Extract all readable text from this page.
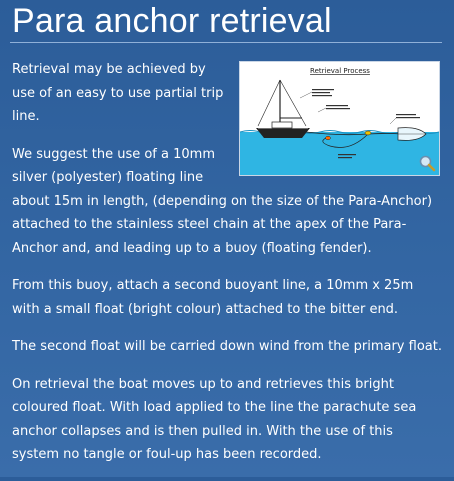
Para anchor retrieval
Retrieval Process

Retrieval may be achieved by use of an easy to use partial trip line.

We suggest the use of a 10mm silver (polyester) floating line about 15m in length, (depending on the size of the Para-Anchor) attached to the stainless steel chain at the apex of the Para-Anchor and, and leading up to a buoy (floating fender).

From this buoy, attach a second buoyant line, a 10mm x 25m with a small float (bright colour) attached to the bitter end.

The second float will be carried down wind from the primary float.

On retrieval the boat moves up to and retrieves this bright coloured float. With load applied to the line the parachute sea anchor collapses and is then pulled in. With the use of this system no tangle or foul-up has been recorded.
